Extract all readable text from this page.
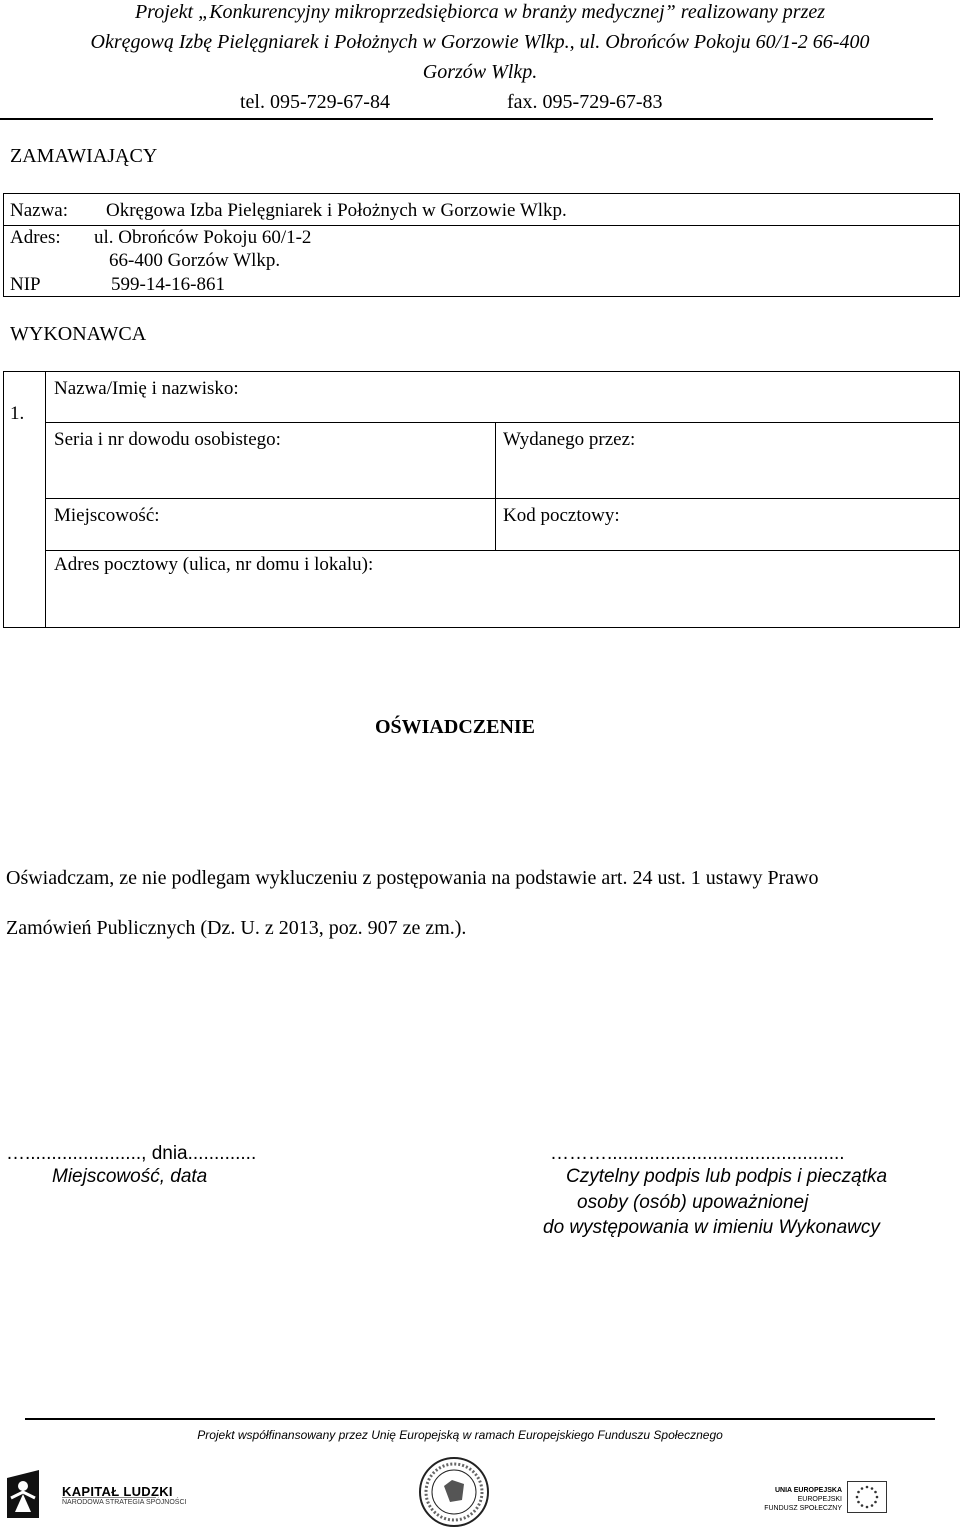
Projekt „Konkurencyjny mikroprzedsiębiorca w branży medycznej” realizowany przez
Okręgową Izbę Pielęgniarek i Położnych w Gorzowie Wlkp., ul. Obrońców Pokoju 60/1-2 66-400
Gorzów Wlkp.
tel. 095-729-67-84	fax. 095-729-67-83
ZAMAWIAJĄCY
Nazwa: Okręgowa Izba Pielęgniarek i Położnych w Gorzowie Wlkp.
Adres: ul. Obrońców Pokoju 60/1-2
66-400 Gorzów Wlkp.
NIP	599-14-16-861
WYKONAWCA
1.
Nazwa/Imię i nazwisko:
Seria i nr dowodu osobistego:	Wydanego przez:
Miejscowość:	Kod pocztowy:
Adres pocztowy (ulica, nr domu i lokalu):
OŚWIADCZENIE
Oświadczam, ze nie podlegam wykluczeniu z postępowania na podstawie art. 24 ust. 1 ustawy Prawo
Zamówień Publicznych (Dz. U. z 2013, poz. 907 ze zm.).
…......................, dnia.............
Miejscowość, data
……….............................................
Czytelny podpis lub podpis i pieczątka
osoby (osób) upoważnionej
do występowania w imieniu Wykonawcy
Projekt współfinansowany przez Unię Europejską w ramach Europejskiego Funduszu Społecznego
KAPITAŁ LUDZKI
NARODOWA STRATEGIA SPÓJNOŚCI
UNIA EUROPEJSKA
EUROPEJSKI
FUNDUSZ SPOŁECZNY
